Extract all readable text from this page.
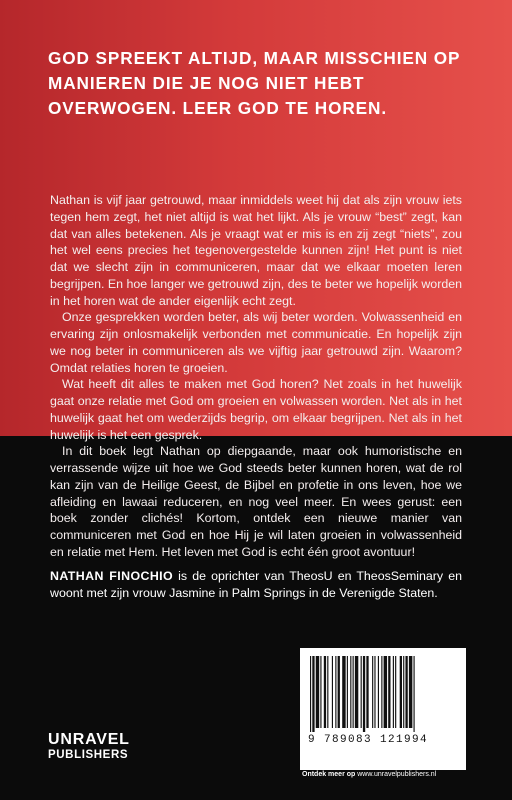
GOD SPREEKT ALTIJD, MAAR MISSCHIEN OP MANIEREN DIE JE NOG NIET HEBT OVERWOGEN. LEER GOD TE HOREN.

Nathan is vijf jaar getrouwd, maar inmiddels weet hij dat als zijn vrouw iets tegen hem zegt, het niet altijd is wat het lijkt. Als je vrouw “best” zegt, kan dat van alles betekenen. Als je vraagt wat er mis is en zij zegt “niets”, zou het wel eens precies het tegenovergestelde kunnen zijn! Het punt is niet dat we slecht zijn in communiceren, maar dat we elkaar moeten leren begrijpen. En hoe langer we getrouwd zijn, des te beter we hopelijk worden in het horen wat de ander eigenlijk echt zegt.

Onze gesprekken worden beter, als wij beter worden. Volwassenheid en ervaring zijn onlosmakelijk verbonden met communicatie. En hopelijk zijn we nog beter in communiceren als we vijftig jaar getrouwd zijn. Waarom? Omdat relaties horen te groeien.

Wat heeft dit alles te maken met God horen? Net zoals in het huwelijk gaat onze relatie met God om groeien en volwassen worden. Net als in het huwelijk gaat het om wederzijds begrip, om elkaar begrijpen. Net als in het huwelijk is het een gesprek.

In dit boek legt Nathan op diepgaande, maar ook humoristische en verrassende wijze uit hoe we God steeds beter kunnen horen, wat de rol kan zijn van de Heilige Geest, de Bijbel en profetie in ons leven, hoe we afleiding en lawaai reduceren, en nog veel meer. En wees gerust: een boek zonder clichés! Kortom, ontdek een nieuwe manier van communiceren met God en hoe Hij je wil laten groeien in volwassenheid en relatie met Hem. Het leven met God is echt één groot avontuur!

NATHAN FINOCHIO is de oprichter van TheosU en TheosSeminary en woont met zijn vrouw Jasmine in Palm Springs in de Verenigde Staten.

UNRAVEL
PUBLISHERS
9 789083 121994
Ontdek meer op www.unravelpublishers.nl
